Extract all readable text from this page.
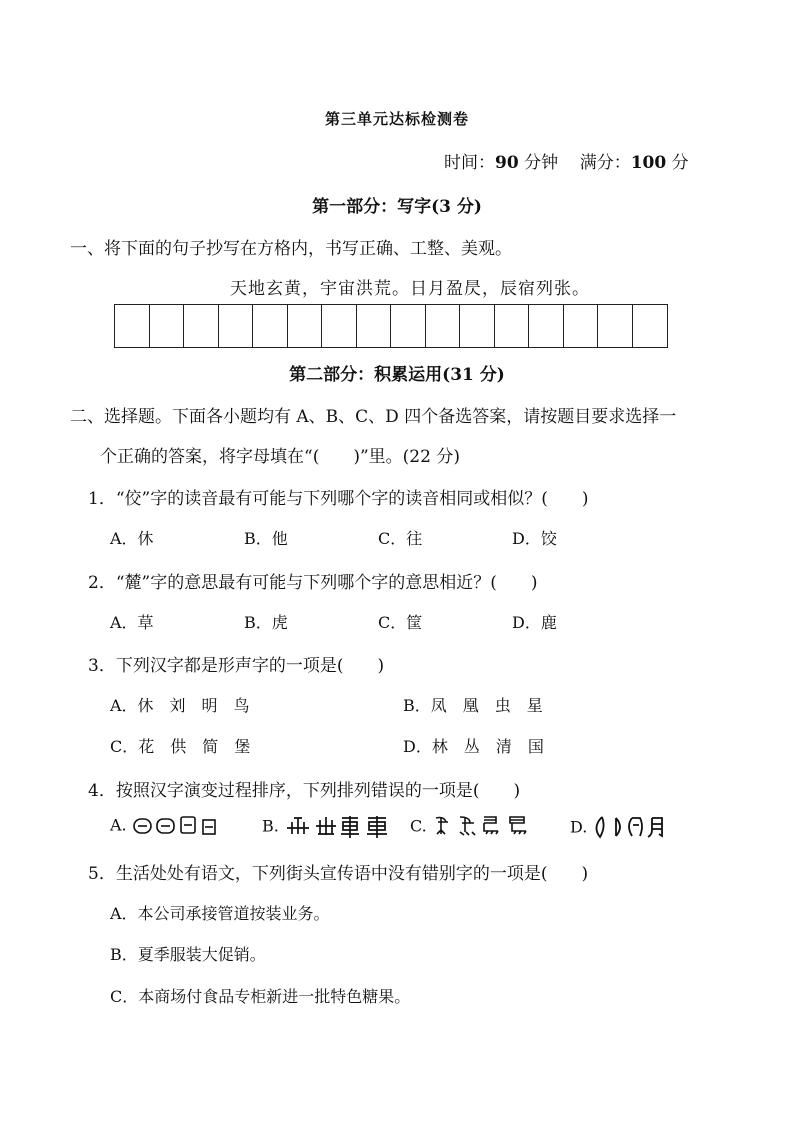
第三单元达标检测卷
时间：90 分钟 满分：100 分
第一部分：写字(3 分)
一、将下面的句子抄写在方格内，书写正确、工整、美观。
天地玄黄，宇宙洪荒。日月盈昃，辰宿列张。
第二部分：积累运用(31 分)
二、选择题。下面各小题均有 A、B、C、D 四个备选答案，请按题目要求选择一
个正确的答案，将字母填在“(　　)”里。(22 分)
1．“佼”字的读音最有可能与下列哪个字的读音相同或相似？(　　)
A．休	B．他	C．往	D．饺
2．“麓”字的意思最有可能与下列哪个字的意思相近？(　　)
A．草	B．虎	C．筐	D．鹿
3．下列汉字都是形声字的一项是(　　)
A．休　刘　明　鸟	B．凤　凰　虫　星
C．花　供　简　堡	D．林　丛　清　国
4．按照汉字演变过程排序，下列排列错误的一项是(　　)
A.	B.	C.	D.
5．生活处处有语文，下列街头宣传语中没有错别字的一项是(　　)
A．本公司承接管道按装业务。
B．夏季服装大促销。
C．本商场付食品专柜新进一批特色糖果。
